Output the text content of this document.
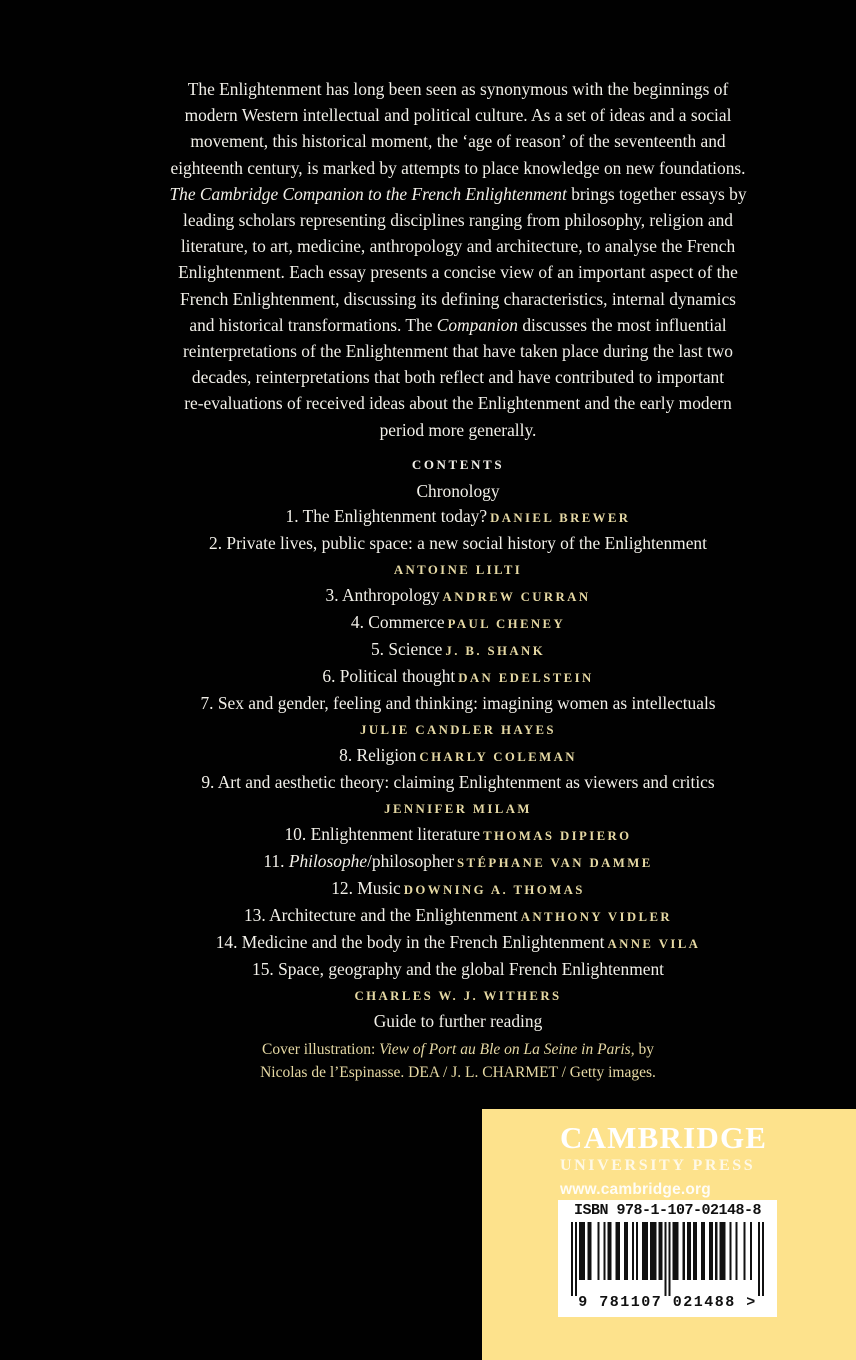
The Enlightenment has long been seen as synonymous with the beginnings of
modern Western intellectual and political culture. As a set of ideas and a social
movement, this historical moment, the ‘age of reason’ of the seventeenth and
eighteenth century, is marked by attempts to place knowledge on new foundations.
The Cambridge Companion to the French Enlightenment brings together essays by
leading scholars representing disciplines ranging from philosophy, religion and
literature, to art, medicine, anthropology and architecture, to analyse the French
Enlightenment. Each essay presents a concise view of an important aspect of the
French Enlightenment, discussing its defining characteristics, internal dynamics
and historical transformations. The Companion discusses the most influential
reinterpretations of the Enlightenment that have taken place during the last two
decades, reinterpretations that both reflect and have contributed to important
re-evaluations of received ideas about the Enlightenment and the early modern
period more generally.
CONTENTS
Chronology
1. The Enlightenment today? DANIEL BREWER
2. Private lives, public space: a new social history of the Enlightenment
ANTOINE LILTI
3. Anthropology ANDREW CURRAN
4. Commerce PAUL CHENEY
5. Science J. B. SHANK
6. Political thought DAN EDELSTEIN
7. Sex and gender, feeling and thinking: imagining women as intellectuals
JULIE CANDLER HAYES
8. Religion CHARLY COLEMAN
9. Art and aesthetic theory: claiming Enlightenment as viewers and critics
JENNIFER MILAM
10. Enlightenment literature THOMAS DIPIERO
11. Philosophe/philosopher STÉPHANE VAN DAMME
12. Music DOWNING A. THOMAS
13. Architecture and the Enlightenment ANTHONY VIDLER
14. Medicine and the body in the French Enlightenment ANNE VILA
15. Space, geography and the global French Enlightenment
CHARLES W. J. WITHERS
Guide to further reading
Cover illustration: View of Port au Ble on La Seine in Paris, by
Nicolas de l’Espinasse. DEA / J. L. CHARMET / Getty images.
CAMBRIDGE
UNIVERSITY PRESS
www.cambridge.org
ISBN 978-1-107-02148-8
9 781107 021488 >
